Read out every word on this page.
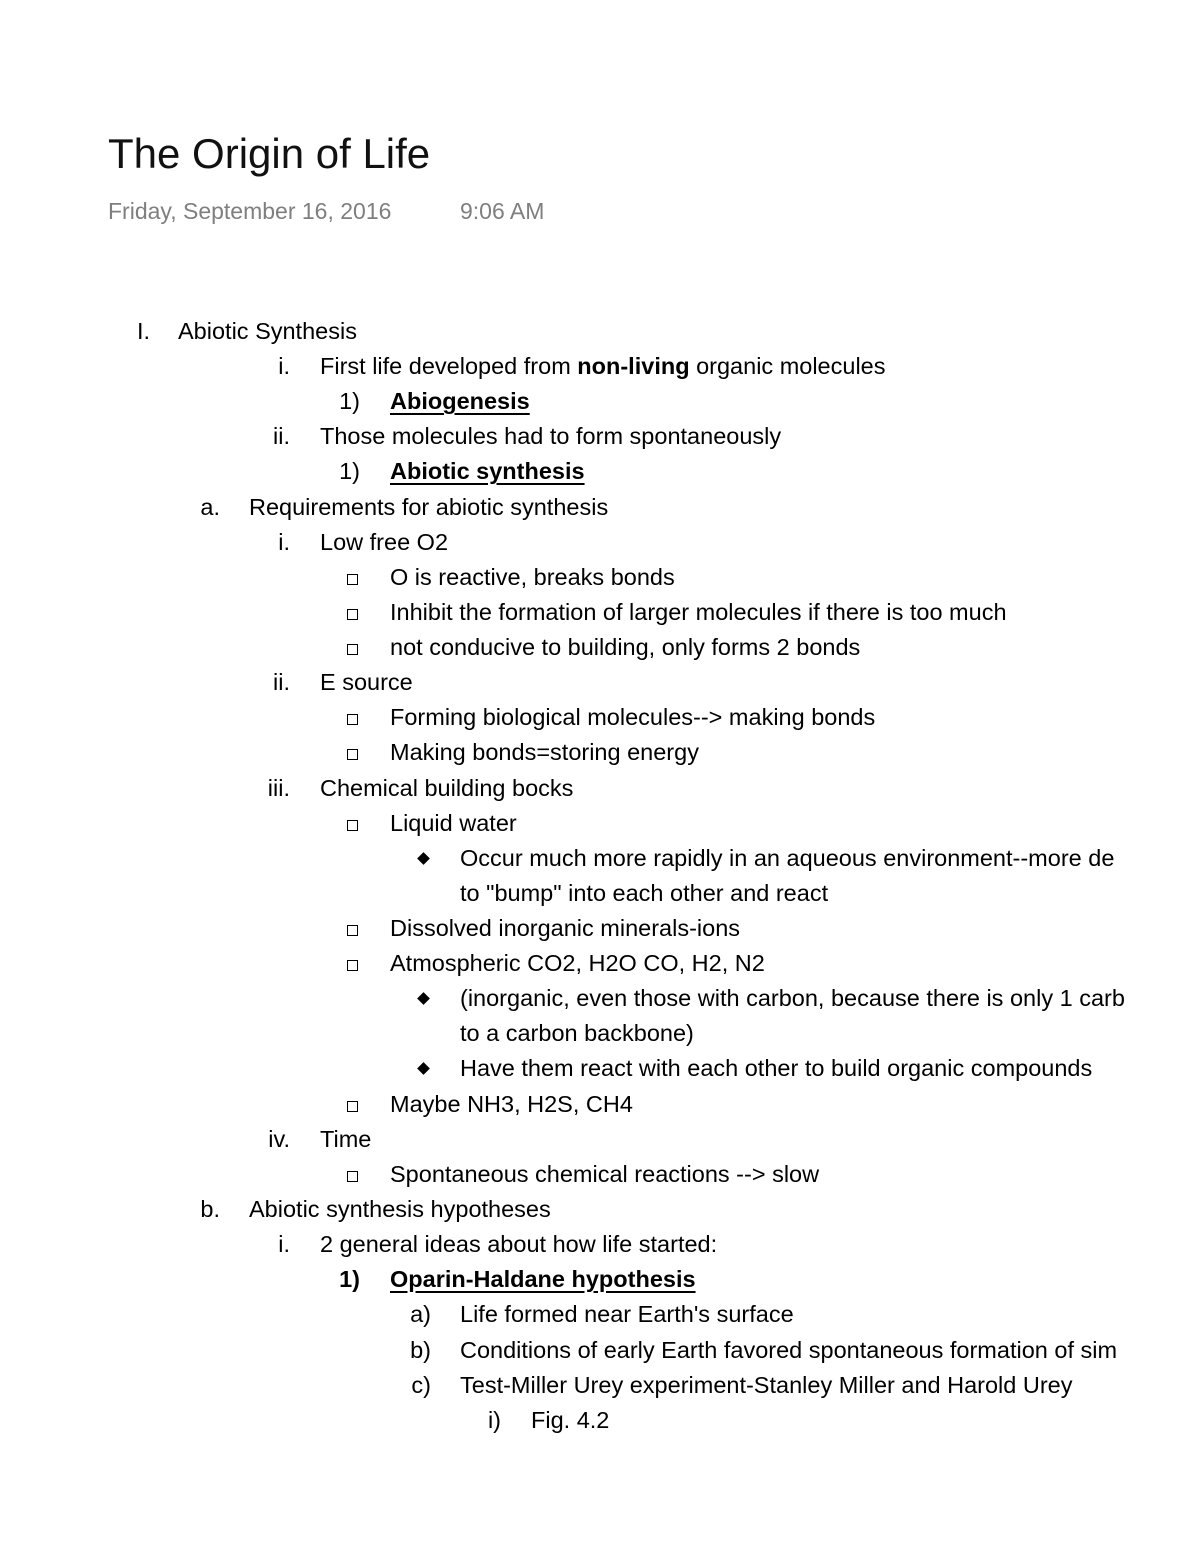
The Origin of Life
Friday, September 16, 2016	9:06 AM
I. Abiotic Synthesis
i. First life developed from non-living organic molecules
1) Abiogenesis
ii. Those molecules had to form spontaneously
1) Abiotic synthesis
a. Requirements for abiotic synthesis
i. Low free O2
O is reactive, breaks bonds
Inhibit the formation of larger molecules if there is too much
not conducive to building, only forms 2 bonds
ii. E source
Forming biological molecules--> making bonds
Making bonds=storing energy
iii. Chemical building bocks
Liquid water
Occur much more rapidly in an aqueous environment--more de
to "bump" into each other and react
Dissolved inorganic minerals-ions
Atmospheric CO2, H2O CO, H2, N2
(inorganic, even those with carbon, because there is only 1 carb
to a carbon backbone)
Have them react with each other to build organic compounds
Maybe NH3, H2S, CH4
iv. Time
Spontaneous chemical reactions --> slow
b. Abiotic synthesis hypotheses
i. 2 general ideas about how life started:
1) Oparin-Haldane hypothesis
a) Life formed near Earth's surface
b) Conditions of early Earth favored spontaneous formation of sim
c) Test-Miller Urey experiment-Stanley Miller and Harold Urey
i) Fig. 4.2
